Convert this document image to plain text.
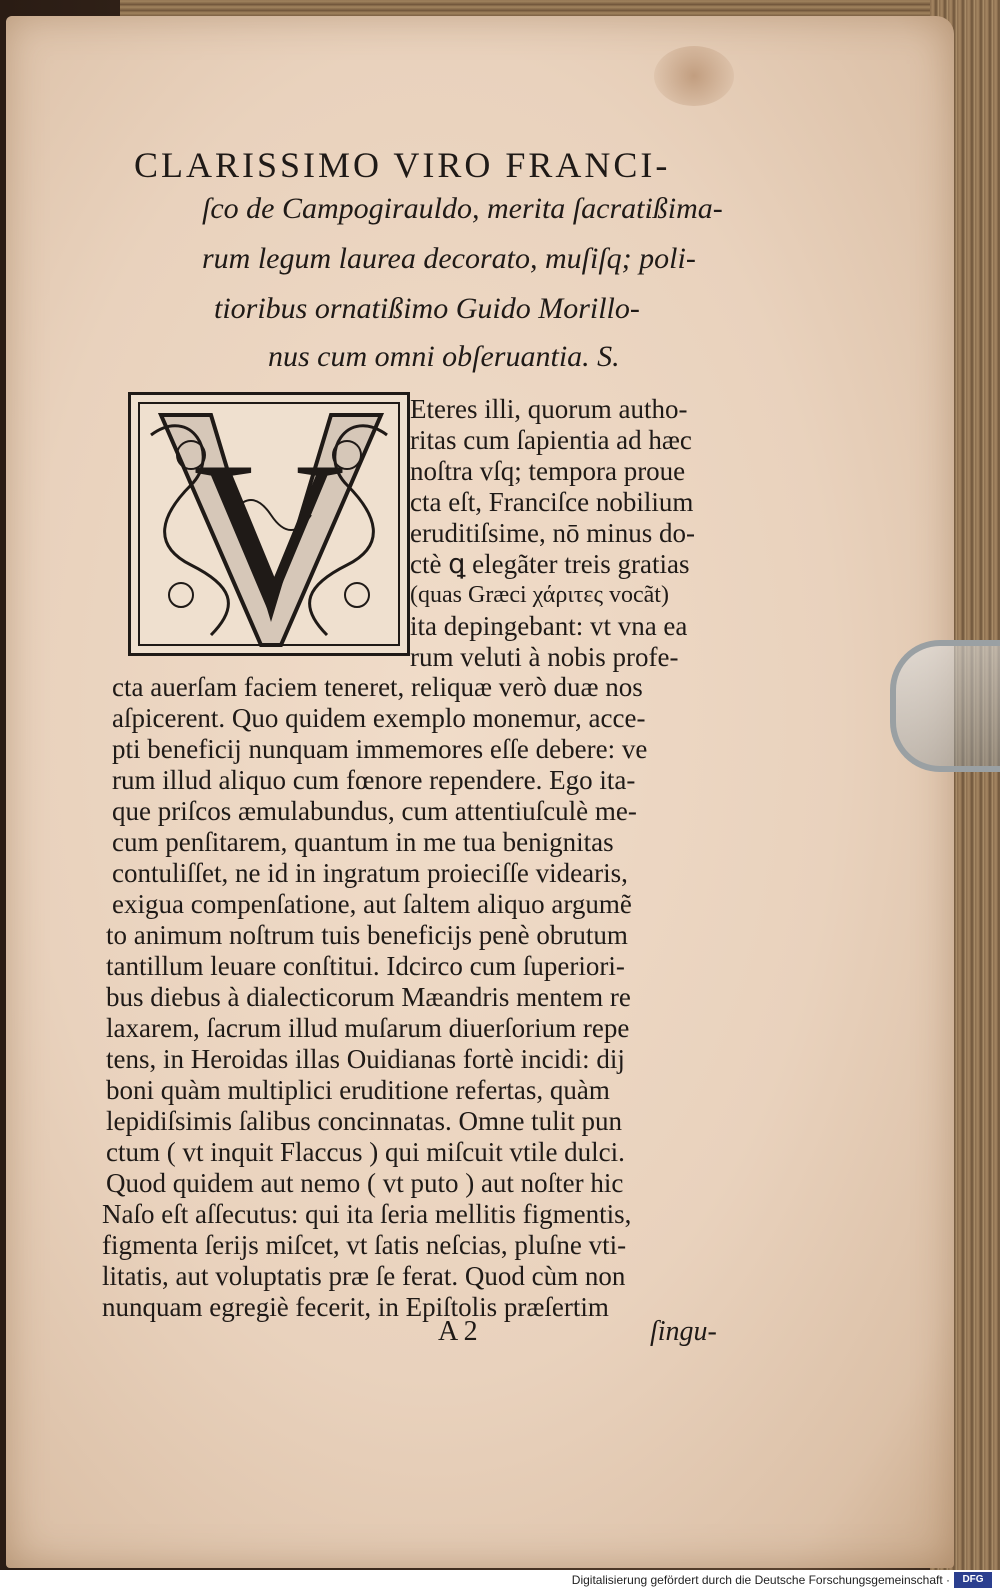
CLARISSIMO VIRO FRANCI-
ſco de Campogirauldo, merita ſacratißima-
rum legum laurea decorato, muſiſq; poli-
tioribus ornatißimo Guido Morillo-
nus cum omni obſeruantia. S.
V
Eteres illi, quorum autho-
ritas cum ſapientia ad hæc
noſtra vſq; tempora proue
cta eſt, Franciſce nobilium
eruditiſsime, nō minus do-
ctè ꝗ elegãter treis gratias
(quas Græci χάριτες vocãt)
ita depingebant: vt vna ea
rum veluti à nobis profe-
cta auerſam faciem teneret, reliquæ verò duæ nos
aſpicerent. Quo quidem exemplo monemur, acce-
pti beneficij nunquam immemores eſſe debere: ve
rum illud aliquo cum fœnore rependere. Ego ita-
que priſcos æmulabundus, cum attentiuſculè me-
cum penſitarem, quantum in me tua benignitas
contuliſſet, ne id in ingratum proieciſſe videaris,
exigua compenſatione, aut ſaltem aliquo argumẽ
to animum noſtrum tuis beneficijs penè obrutum
tantillum leuare conſtitui. Idcirco cum ſuperiori-
bus diebus à dialecticorum Mæandris mentem re
laxarem, ſacrum illud muſarum diuerſorium repe
tens, in Heroidas illas Ouidianas fortè incidi: dij
boni quàm multiplici eruditione refertas, quàm
lepidiſsimis ſalibus concinnatas. Omne tulit pun
ctum ( vt inquit Flaccus ) qui miſcuit vtile dulci.
Quod quidem aut nemo ( vt puto ) aut noſter hic
Naſo eſt aſſecutus: qui ita ſeria mellitis figmentis,
figmenta ſerijs miſcet, vt ſatis neſcias, pluſne vti-
litatis, aut voluptatis præ ſe ferat. Quod cùm non
nunquam egregiè fecerit, in Epiſtolis præſertim
A 2	ſingu-
Digitalisierung gefördert durch die Deutsche Forschungsgemeinschaft ·	DFG
